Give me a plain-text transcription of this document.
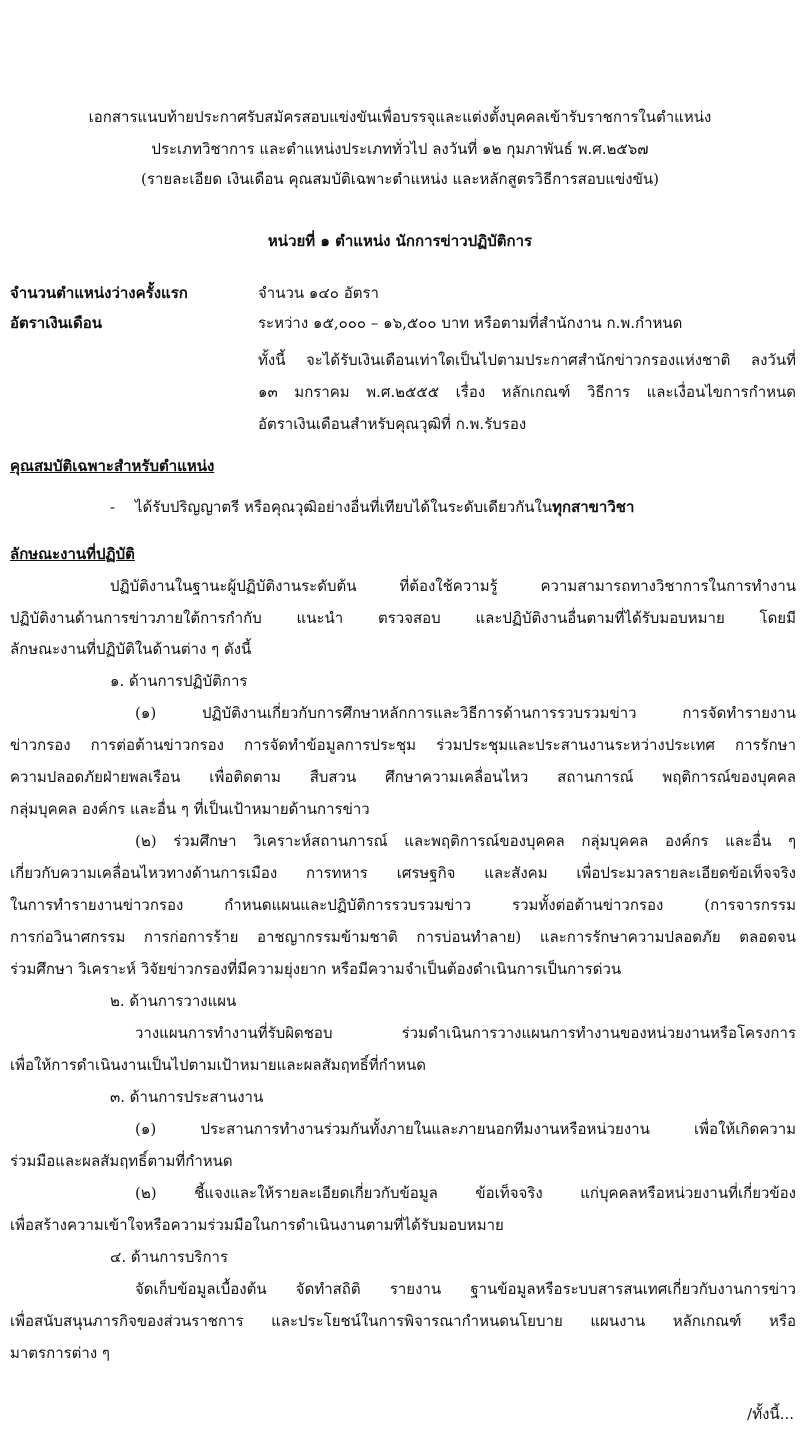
เอกสารแนบท้ายประกาศรับสมัครสอบแข่งขันเพื่อบรรจุและแต่งตั้งบุคคลเข้ารับราชการในตำแหน่ง
ประเภทวิชาการ และตำแหน่งประเภททั่วไป ลงวันที่ ๑๒ กุมภาพันธ์ พ.ศ.๒๕๖๗
(รายละเอียด เงินเดือน คุณสมบัติเฉพาะตำแหน่ง และหลักสูตรวิธีการสอบแข่งขัน)
หน่วยที่ ๑ ตำแหน่ง นักการข่าวปฏิบัติการ
จำนวนตำแหน่งว่างครั้งแรก	จำนวน ๑๔๐ อัตรา
อัตราเงินเดือน	ระหว่าง ๑๕,๐๐๐ – ๑๖,๕๐๐ บาท หรือตามที่สำนักงาน ก.พ.กำหนด
ทั้งนี้ จะได้รับเงินเดือนเท่าใดเป็นไปตามประกาศสำนักข่าวกรองแห่งชาติ ลงวันที่
๑๓ มกราคม พ.ศ.๒๕๕๕ เรื่อง หลักเกณฑ์ วิธีการ และเงื่อนไขการกำหนด
อัตราเงินเดือนสำหรับคุณวุฒิที่ ก.พ.รับรอง
คุณสมบัติเฉพาะสำหรับตำแหน่ง
- ได้รับปริญญาตรี หรือคุณวุฒิอย่างอื่นที่เทียบได้ในระดับเดียวกันในทุกสาขาวิชา
ลักษณะงานที่ปฏิบัติ
ปฏิบัติงานในฐานะผู้ปฏิบัติงานระดับต้น ที่ต้องใช้ความรู้ ความสามารถทางวิชาการในการทำงาน
ปฏิบัติงานด้านการข่าวภายใต้การกำกับ แนะนำ ตรวจสอบ และปฏิบัติงานอื่นตามที่ได้รับมอบหมาย โดยมี
ลักษณะงานที่ปฏิบัติในด้านต่าง ๆ ดังนี้
๑. ด้านการปฏิบัติการ
(๑) ปฏิบัติงานเกี่ยวกับการศึกษาหลักการและวิธีการด้านการรวบรวมข่าว การจัดทำรายงาน
ข่าวกรอง การต่อต้านข่าวกรอง การจัดทำข้อมูลการประชุม ร่วมประชุมและประสานงานระหว่างประเทศ การรักษา
ความปลอดภัยฝ่ายพลเรือน เพื่อติดตาม สืบสวน ศึกษาความเคลื่อนไหว สถานการณ์ พฤติการณ์ของบุคคล
กลุ่มบุคคล องค์กร และอื่น ๆ ที่เป็นเป้าหมายด้านการข่าว
(๒) ร่วมศึกษา วิเคราะห์สถานการณ์ และพฤติการณ์ของบุคคล กลุ่มบุคคล องค์กร และอื่น ๆ
เกี่ยวกับความเคลื่อนไหวทางด้านการเมือง การทหาร เศรษฐกิจ และสังคม เพื่อประมวลรายละเอียดข้อเท็จจริง
ในการทำรายงานข่าวกรอง กำหนดแผนและปฏิบัติการรวบรวมข่าว รวมทั้งต่อต้านข่าวกรอง (การจารกรรม
การก่อวินาศกรรม การก่อการร้าย อาชญากรรมข้ามชาติ การบ่อนทำลาย) และการรักษาความปลอดภัย ตลอดจน
ร่วมศึกษา วิเคราะห์ วิจัยข่าวกรองที่มีความยุ่งยาก หรือมีความจำเป็นต้องดำเนินการเป็นการด่วน
๒. ด้านการวางแผน
วางแผนการทำงานที่รับผิดชอบ ร่วมดำเนินการวางแผนการทำงานของหน่วยงานหรือโครงการ
เพื่อให้การดำเนินงานเป็นไปตามเป้าหมายและผลสัมฤทธิ์ที่กำหนด
๓. ด้านการประสานงาน
(๑) ประสานการทำงานร่วมกันทั้งภายในและภายนอกทีมงานหรือหน่วยงาน เพื่อให้เกิดความ
ร่วมมือและผลสัมฤทธิ์ตามที่กำหนด
(๒) ชี้แจงและให้รายละเอียดเกี่ยวกับข้อมูล ข้อเท็จจริง แก่บุคคลหรือหน่วยงานที่เกี่ยวข้อง
เพื่อสร้างความเข้าใจหรือความร่วมมือในการดำเนินงานตามที่ได้รับมอบหมาย
๔. ด้านการบริการ
จัดเก็บข้อมูลเบื้องต้น จัดทำสถิติ รายงาน ฐานข้อมูลหรือระบบสารสนเทศเกี่ยวกับงานการข่าว
เพื่อสนับสนุนภารกิจของส่วนราชการ และประโยชน์ในการพิจารณากำหนดนโยบาย แผนงาน หลักเกณฑ์ หรือ
มาตรการต่าง ๆ
/ทั้งนี้...
